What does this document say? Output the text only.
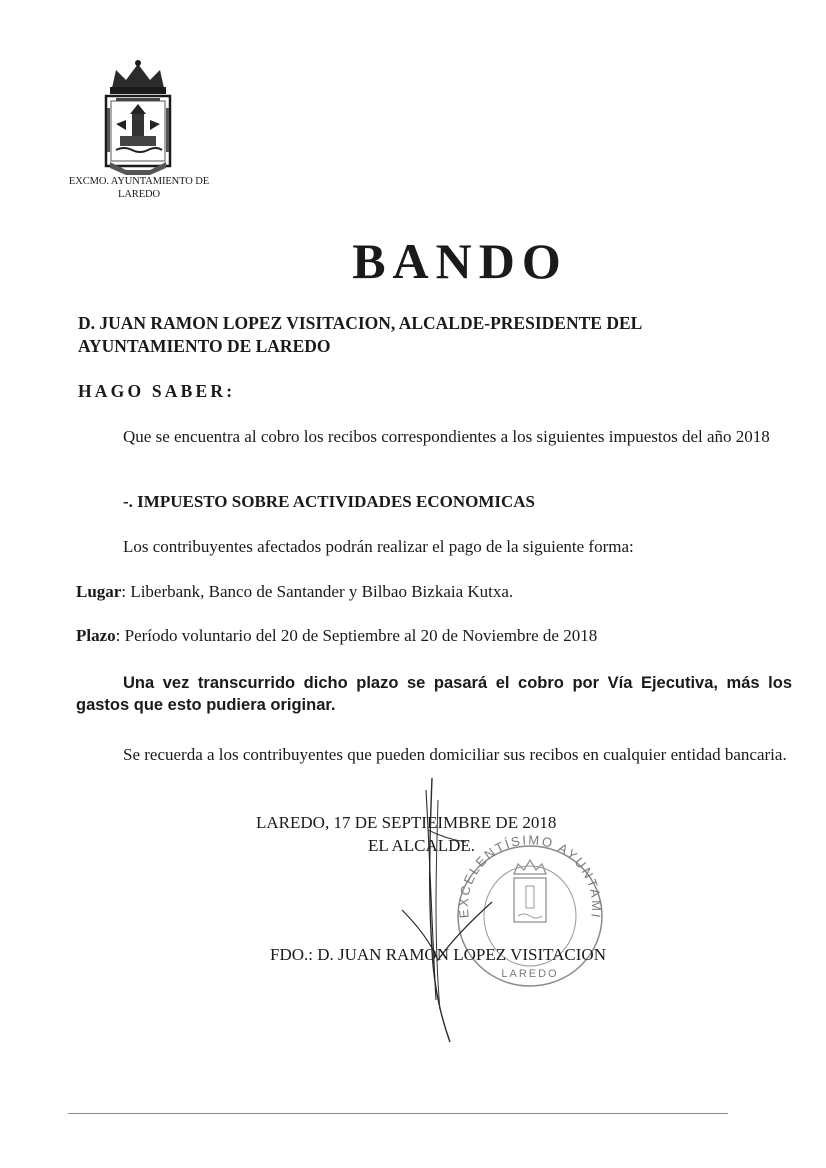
EXCMO. AYUNTAMIENTO DE
LAREDO
BANDO
D. JUAN RAMON LOPEZ VISITACION, ALCALDE-PRESIDENTE DEL
AYUNTAMIENTO DE LAREDO
HAGO SABER:
Que se encuentra al cobro los recibos correspondientes a los siguientes impuestos del año 2018
-. IMPUESTO SOBRE ACTIVIDADES ECONOMICAS
Los contribuyentes afectados podrán realizar el pago de la siguiente forma:
Lugar: Liberbank, Banco de Santander y Bilbao Bizkaia Kutxa.
Plazo: Período voluntario del 20 de Septiembre al 20 de Noviembre de 2018
Una vez transcurrido dicho plazo se pasará el cobro por Vía Ejecutiva, más los gastos que esto pudiera originar.
Se recuerda a los contribuyentes que pueden domiciliar sus recibos en cualquier entidad bancaria.
EXCELENTÍSIMO AYUNTAMI
LAREDO
LAREDO, 17 DE SEPTIEIMBRE DE 2018
EL ALCALDE.
FDO.: D. JUAN RAMON LOPEZ VISITACION
